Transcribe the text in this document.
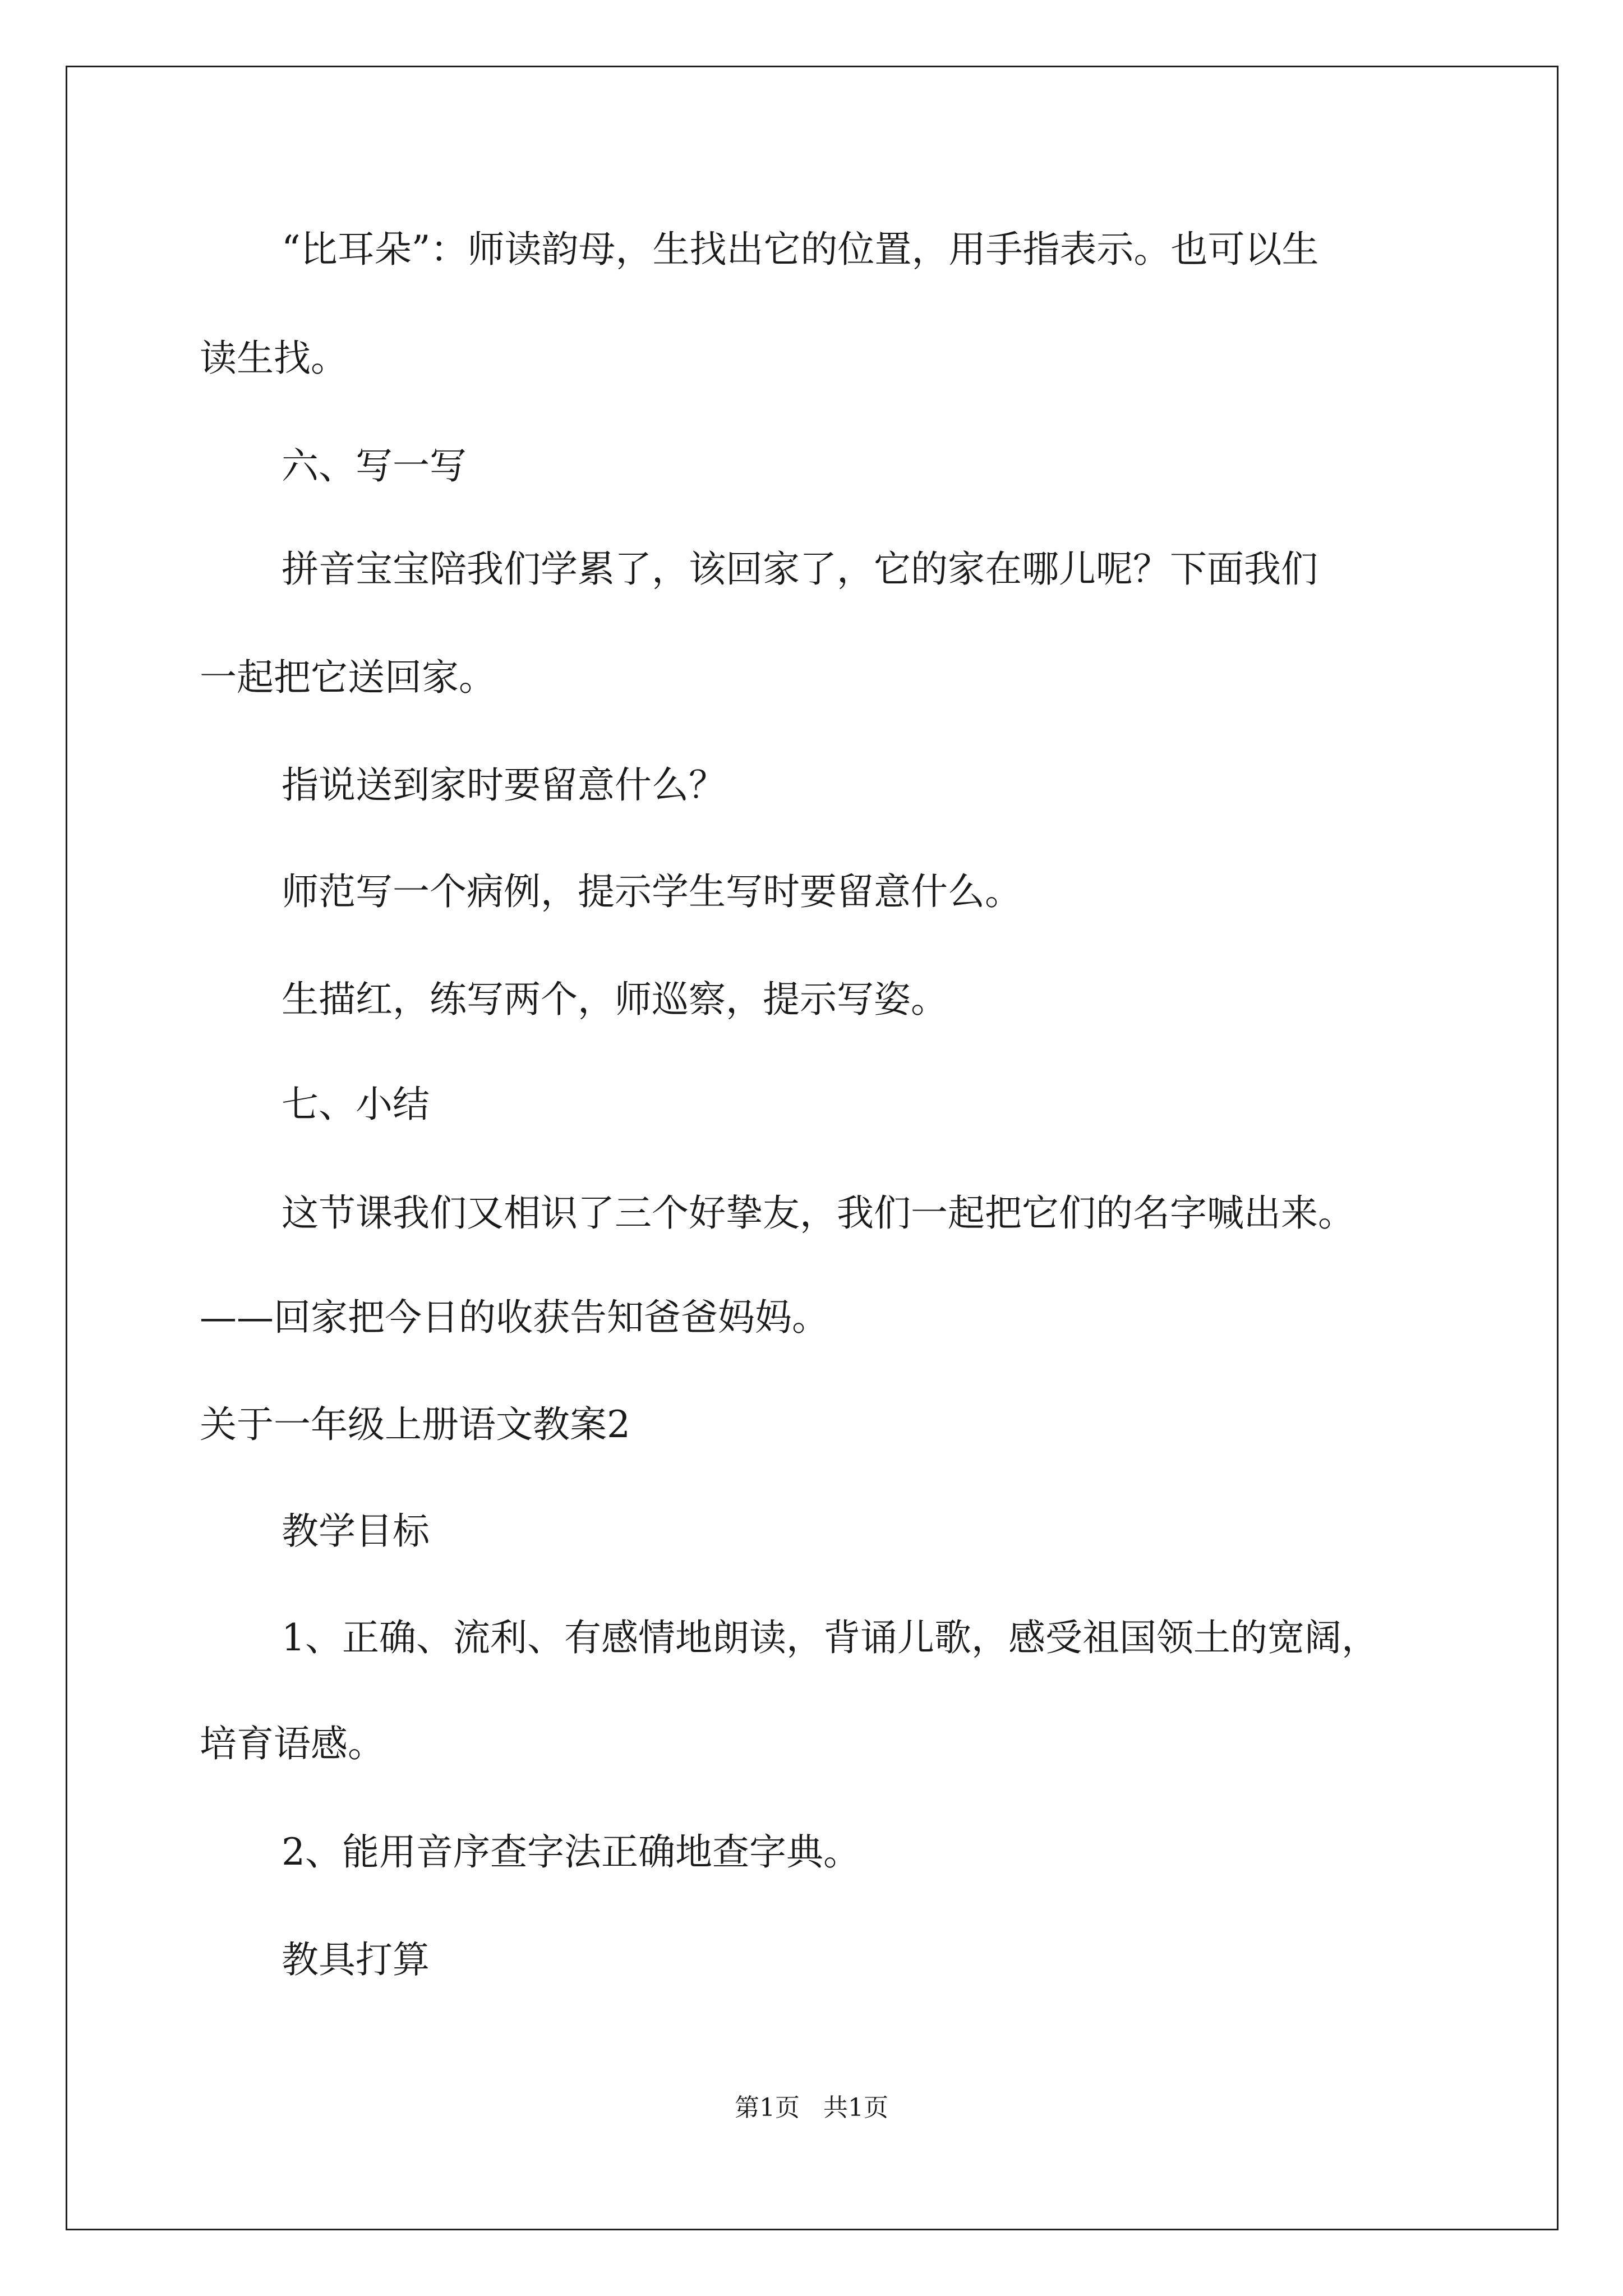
“比耳朵”：师读韵母，生找出它的位置，用手指表示。也可以生
读生找。
六、写一写
拼音宝宝陪我们学累了，该回家了，它的家在哪儿呢？下面我们
一起把它送回家。
指说送到家时要留意什么？
师范写一个病例，提示学生写时要留意什么。
生描红，练写两个，师巡察，提示写姿。
七、小结
这节课我们又相识了三个好挚友，我们一起把它们的名字喊出来。
——回家把今日的收获告知爸爸妈妈。
关于一年级上册语文教案2
教学目标
1、正确、流利、有感情地朗读，背诵儿歌，感受祖国领土的宽阔，
培育语感。
2、能用音序查字法正确地查字典。
教具打算
第1页   共1页
